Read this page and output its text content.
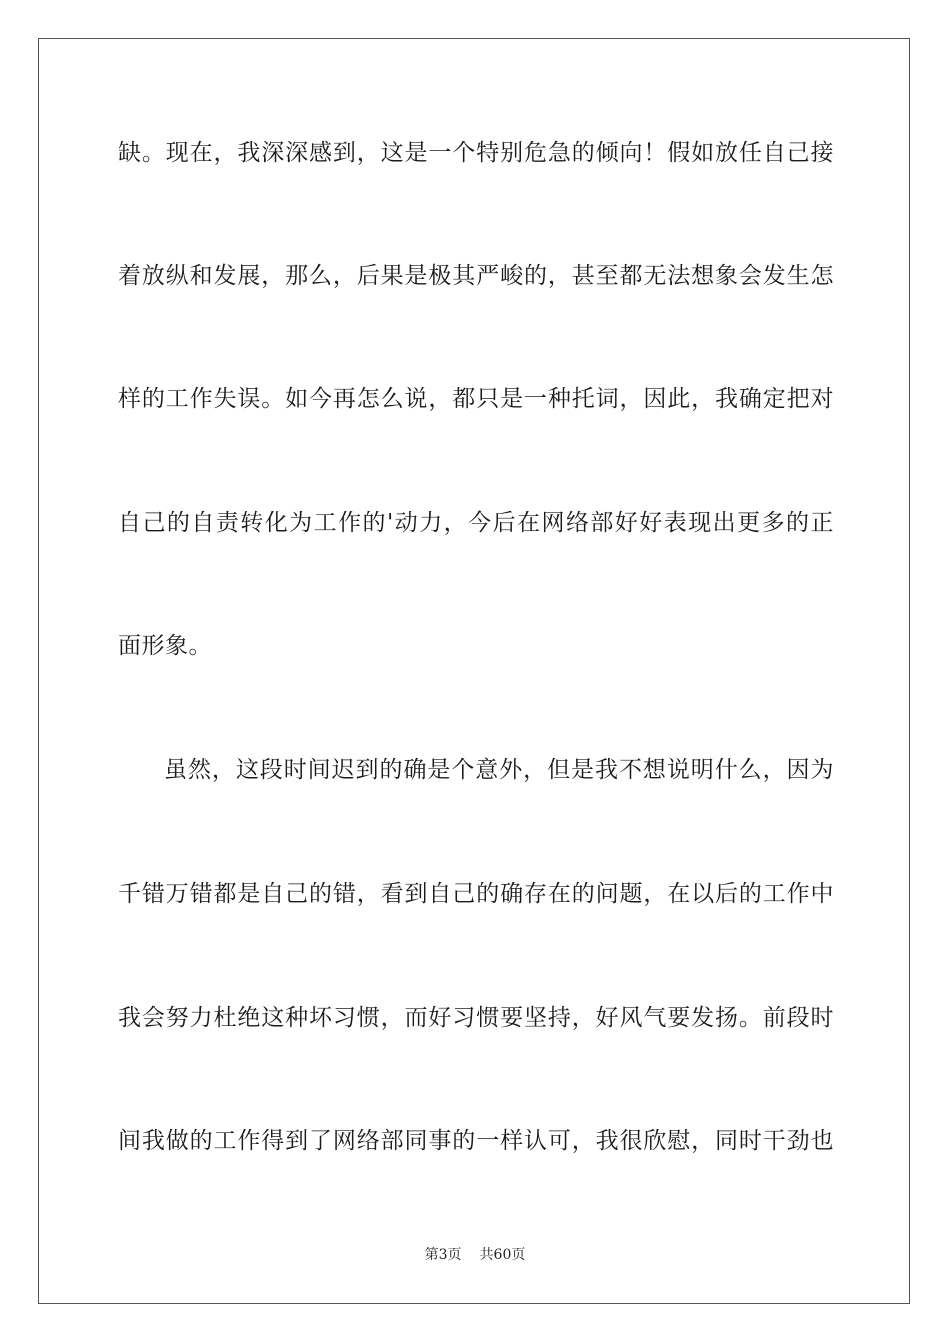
缺。现在，我深深感到，这是一个特别危急的倾向！假如放任自己接
着放纵和发展，那么，后果是极其严峻的，甚至都无法想象会发生怎
样的工作失误。如今再怎么说，都只是一种托词，因此，我确定把对
自己的自责转化为工作的'动力，今后在网络部好好表现出更多的正
面形象。
虽然，这段时间迟到的确是个意外，但是我不想说明什么，因为
千错万错都是自己的错，看到自己的确存在的问题，在以后的工作中
我会努力杜绝这种坏习惯，而好习惯要坚持，好风气要发扬。前段时
间我做的工作得到了网络部同事的一样认可，我很欣慰，同时干劲也
第3页 共60页
